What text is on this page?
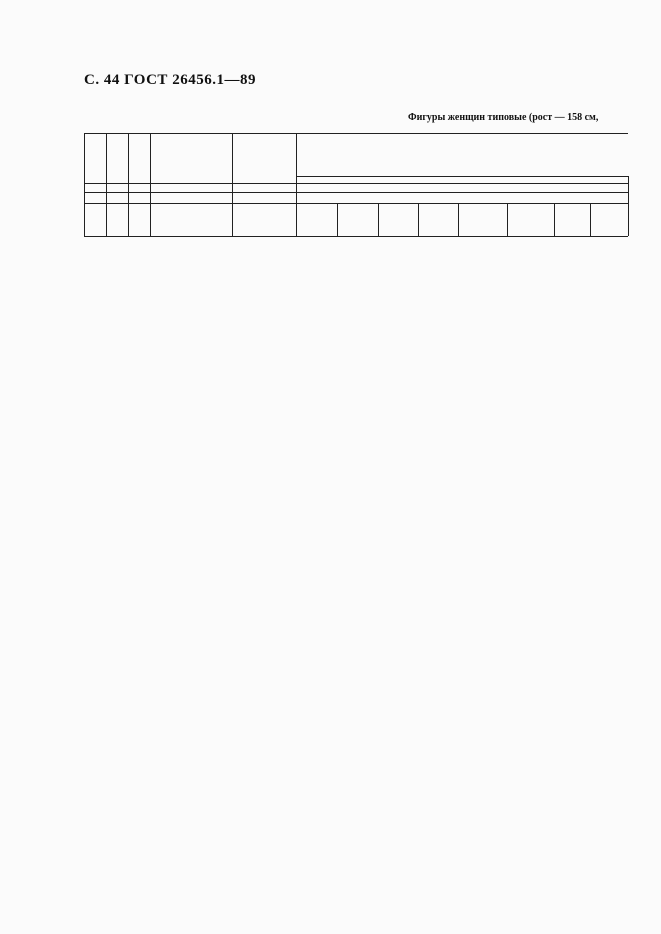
С. 44 ГОСТ 26456.1—89
Фигуры женщин типовые (рост — 158 см,
